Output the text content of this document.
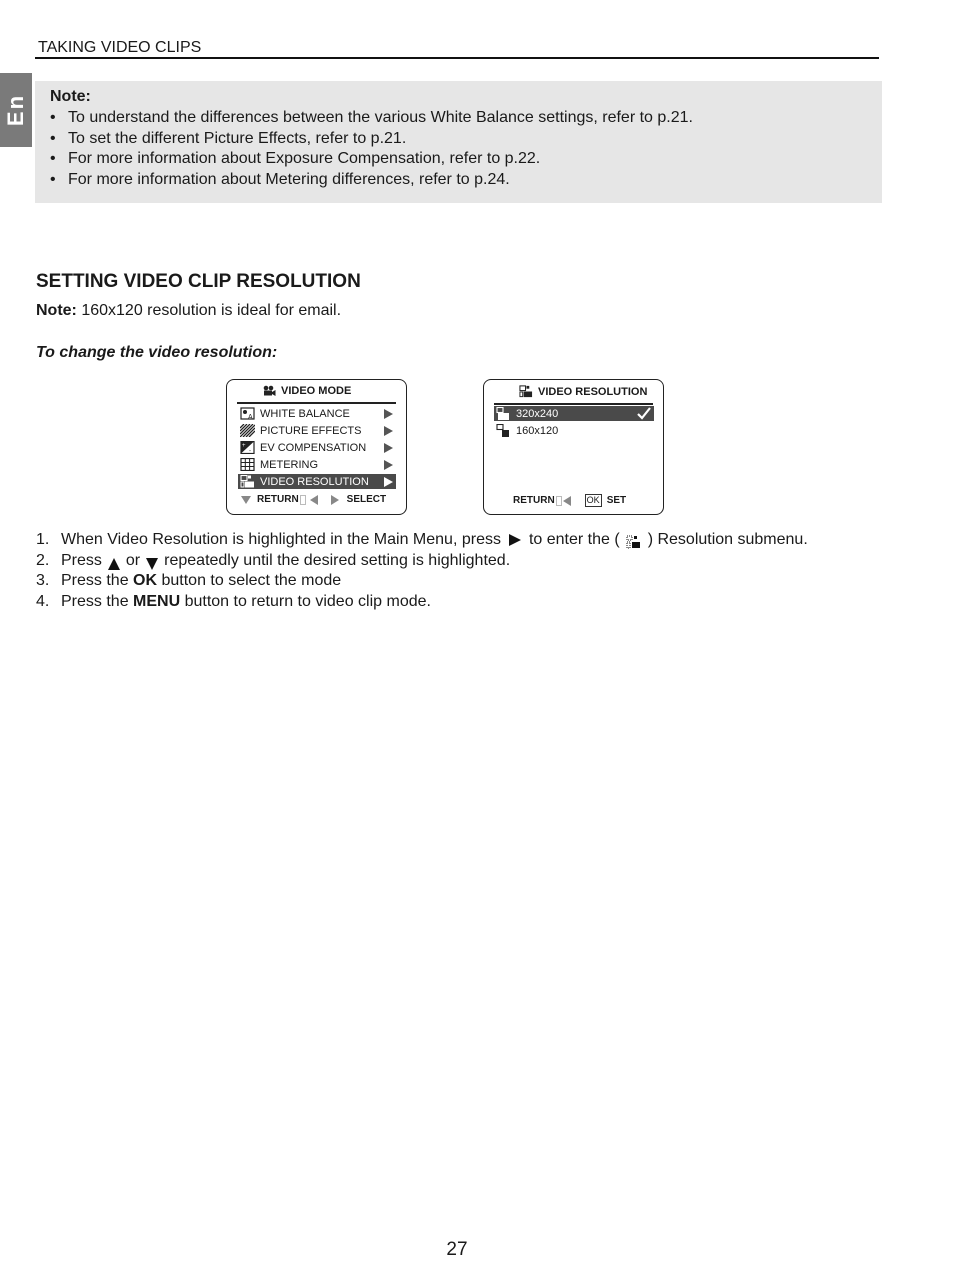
TAKING VIDEO CLIPS
En Note:
• To understand the differences between the various White Balance settings, refer to p.21.
• To set the different Picture Effects, refer to p.21.
• For more information about Exposure Compensation, refer to p.22.
• For more information about Metering differences, refer to p.24.
SETTING VIDEO CLIP RESOLUTION
Note: 160x120 resolution is ideal for email.
To change the video resolution:
VIDEO MODE
A WHITE BALANCE
PICTURE EFFECTS
+
- EV COMPENSATION
METERING
VIDEO RESOLUTION
RETURN	SELECT
VIDEO RESOLUTION
320x240
160x120
RETURN	OK SET
1. When Video Resolution is highlighted in the Main Menu, press to enter the ( ) Resolution submenu.
2. Press or repeatedly until the desired setting is highlighted.
3. Press the OK button to select the mode
4. Press the MENU button to return to video clip mode.
27
